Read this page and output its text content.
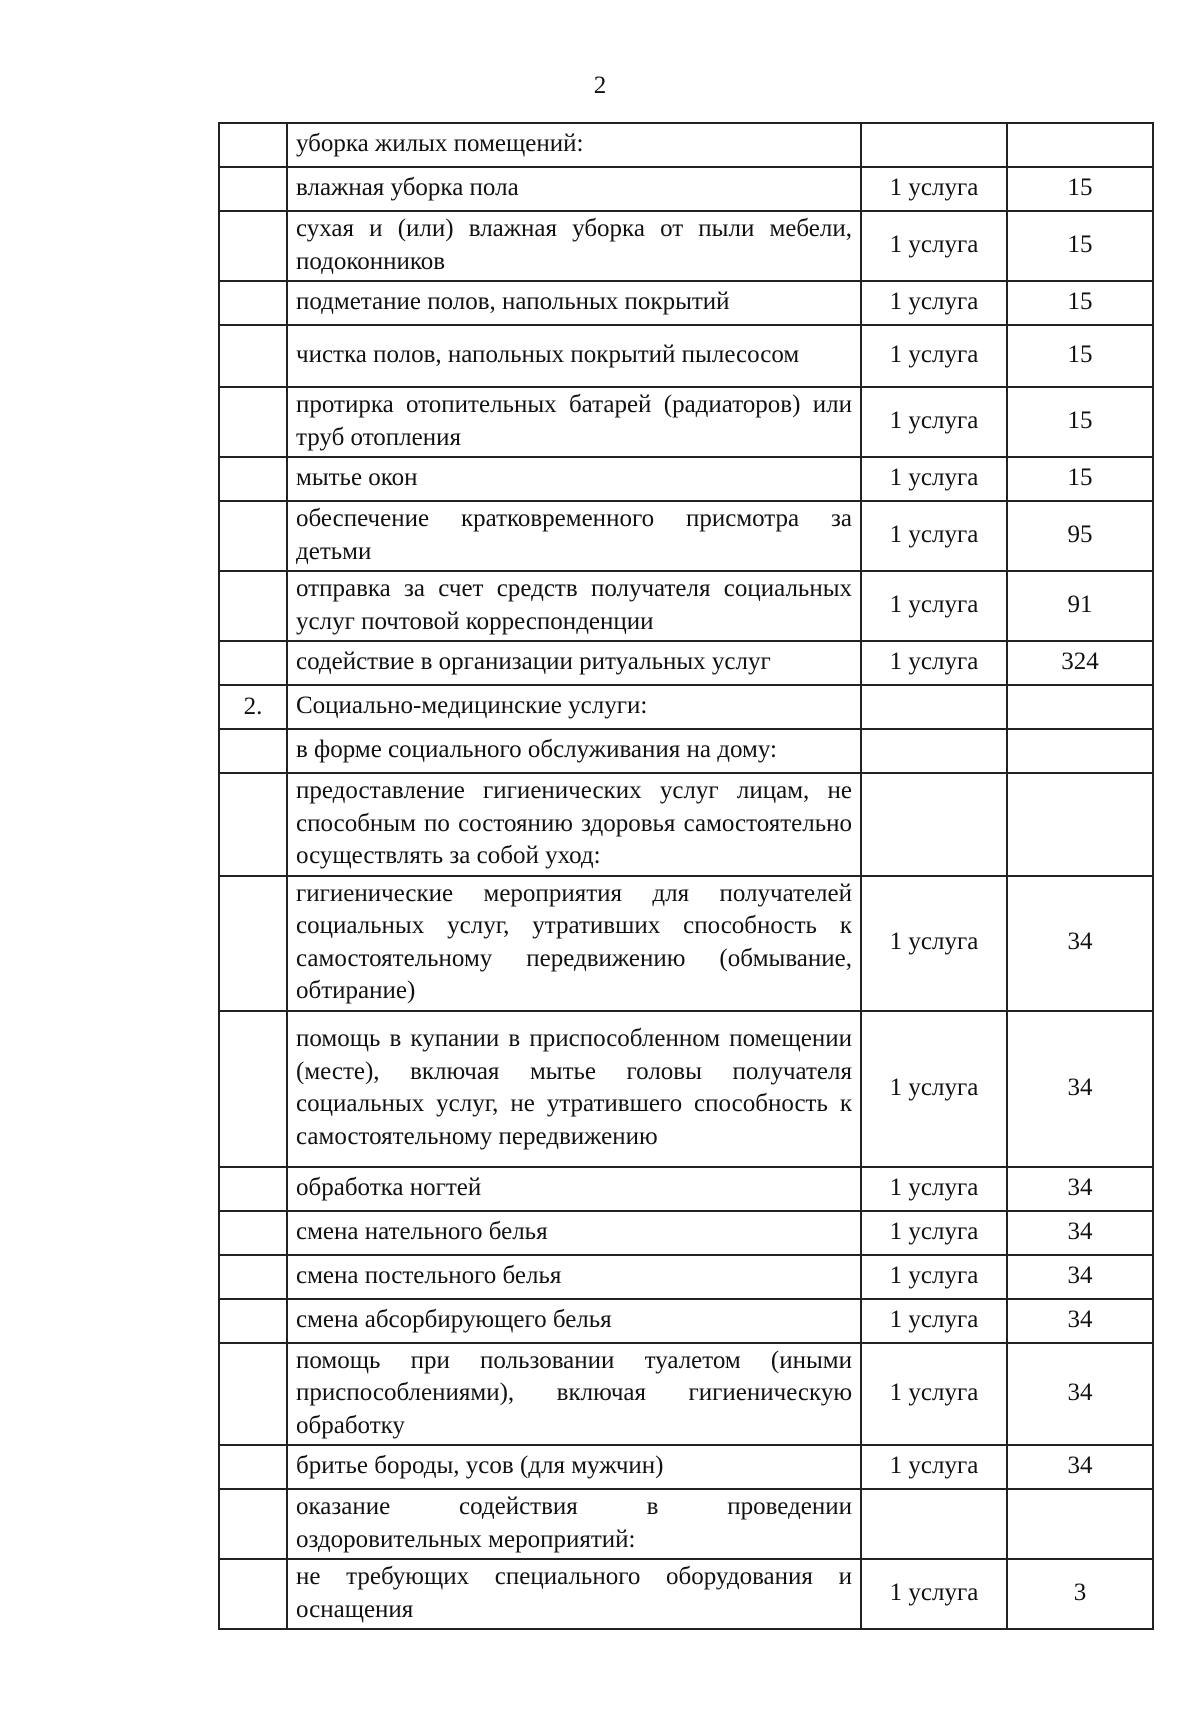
2
	уборка жилых помещений:		
	влажная уборка пола	1 услуга	15
	сухая и (или) влажная уборка от пыли мебели, подоконников	1 услуга	15
	подметание полов, напольных покрытий	1 услуга	15
	чистка полов, напольных покрытий пылесосом	1 услуга	15
	протирка отопительных батарей (радиаторов) или труб отопления	1 услуга	15
	мытье окон	1 услуга	15
	обеспечение кратковременного присмотра за детьми	1 услуга	95
	отправка за счет средств получателя социальных услуг почтовой корреспонденции	1 услуга	91
	содействие в организации ритуальных услуг	1 услуга	324
2.	Социально-медицинские услуги:		
	в форме социального обслуживания на дому:		
	предоставление гигиенических услуг лицам, не способным по состоянию здоровья самостоятельно осуществлять за собой уход:		
	гигиенические мероприятия для получателей социальных услуг, утративших способность к самостоятельному передвижению (обмывание, обтирание)	1 услуга	34
	помощь в купании в приспособленном помещении (месте), включая мытье головы получателя социальных услуг, не утратившего способность к самостоятельному передвижению	1 услуга	34
	обработка ногтей	1 услуга	34
	смена нательного белья	1 услуга	34
	смена постельного белья	1 услуга	34
	смена абсорбирующего белья	1 услуга	34
	помощь при пользовании туалетом (иными приспособлениями), включая гигиеническую обработку	1 услуга	34
	бритье бороды, усов (для мужчин)	1 услуга	34
	оказание содействия в проведении оздоровительных мероприятий:		
	не требующих специального оборудования и оснащения	1 услуга	3
